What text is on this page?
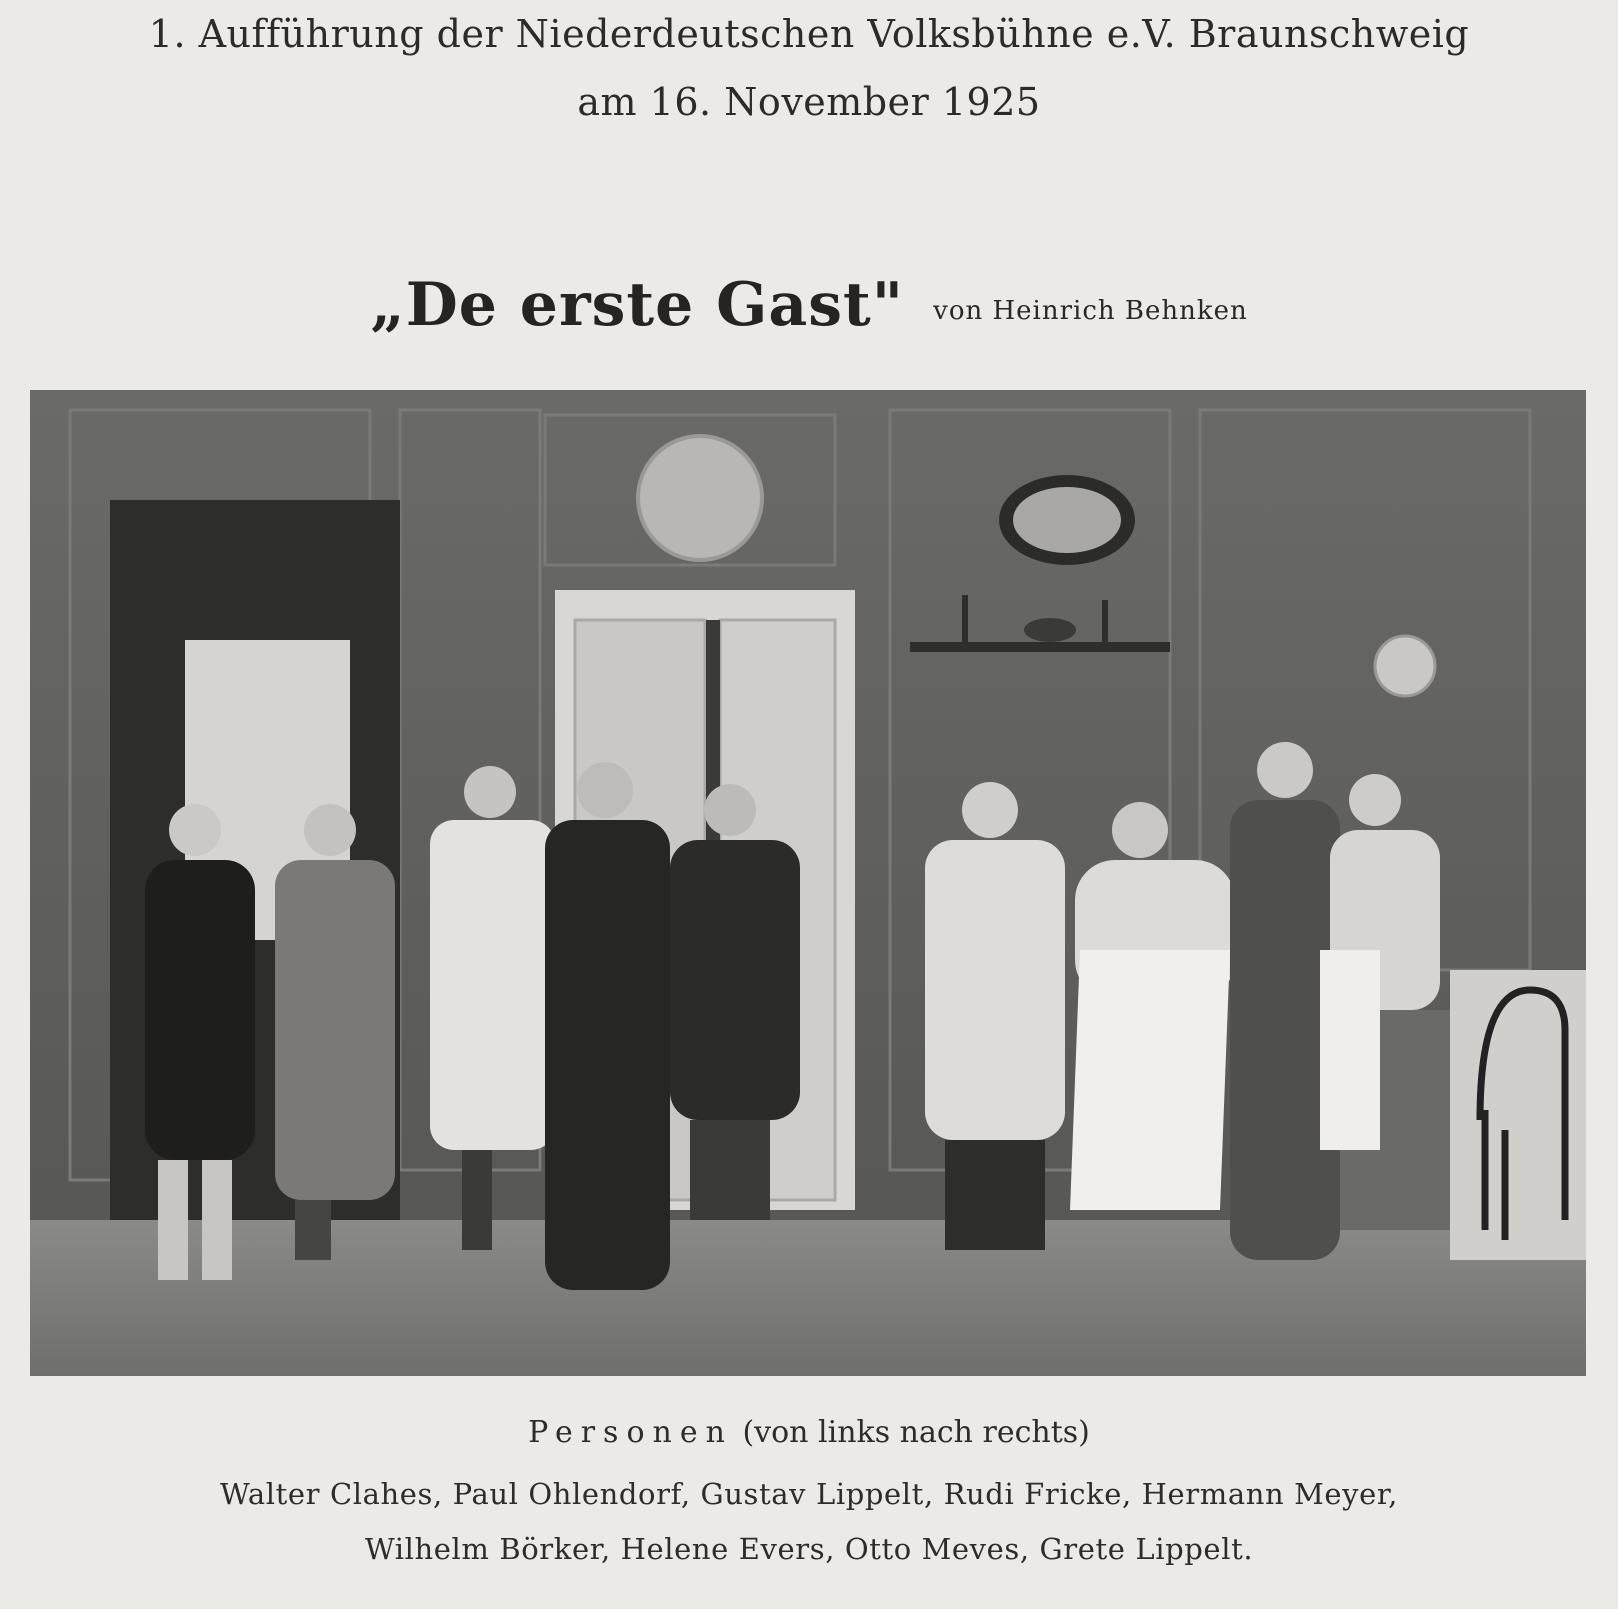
1. Aufführung der Niederdeutschen Volksbühne e.V. Braunschweig
am 16. November 1925
„De erste Gast" von Heinrich Behnken
Personen (von links nach rechts)
Walter Clahes, Paul Ohlendorf, Gustav Lippelt, Rudi Fricke, Hermann Meyer,
Wilhelm Börker, Helene Evers, Otto Meves, Grete Lippelt.
